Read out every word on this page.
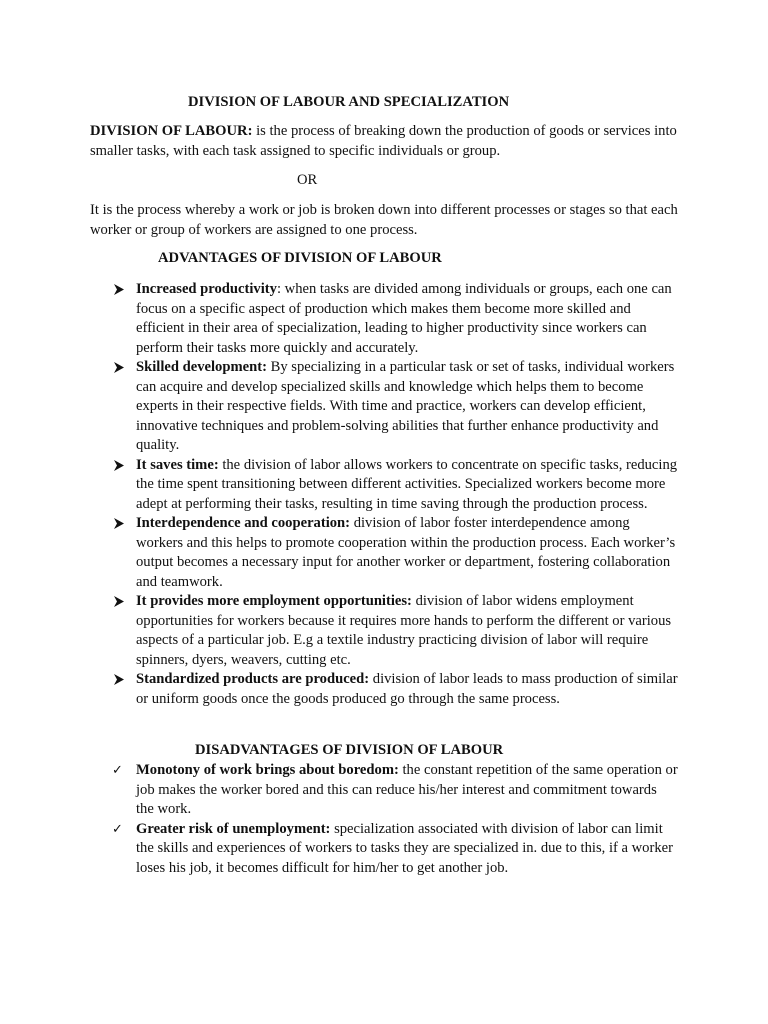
DIVISION OF LABOUR AND SPECIALIZATION
DIVISION OF LABOUR: is the process of breaking down the production of goods or services into smaller tasks, with each task assigned to specific individuals or group.
OR
It is the process whereby a work or job is broken down into different processes or stages so that each worker or group of workers are assigned to one process.
ADVANTAGES OF DIVISION OF LABOUR
Increased productivity: when tasks are divided among individuals or groups, each one can focus on a specific aspect of production which makes them become more skilled and efficient in their area of specialization, leading to higher productivity since workers can perform their tasks more quickly and accurately.
Skilled development: By specializing in a particular task or set of tasks, individual workers can acquire and develop specialized skills and knowledge which helps them to become experts in their respective fields. With time and practice, workers can develop efficient, innovative techniques and problem-solving abilities that further enhance productivity and quality.
It saves time: the division of labor allows workers to concentrate on specific tasks, reducing the time spent transitioning between different activities. Specialized workers become more adept at performing their tasks, resulting in time saving through the production process.
Interdependence and cooperation: division of labor foster interdependence among workers and this helps to promote cooperation within the production process. Each worker’s output becomes a necessary input for another worker or department, fostering collaboration and teamwork.
It provides more employment opportunities: division of labor widens employment opportunities for workers because it requires more hands to perform the different or various aspects of a particular job. E.g a textile industry practicing division of labor will require spinners, dyers, weavers, cutting etc.
Standardized products are produced: division of labor leads to mass production of similar or uniform goods once the goods produced go through the same process.
DISADVANTAGES OF DIVISION OF LABOUR
✓ Monotony of work brings about boredom: the constant repetition of the same operation or job makes the worker bored and this can reduce his/her interest and commitment towards the work.
✓ Greater risk of unemployment: specialization associated with division of labor can limit the skills and experiences of workers to tasks they are specialized in. due to this, if a worker loses his job, it becomes difficult for him/her to get another job.
